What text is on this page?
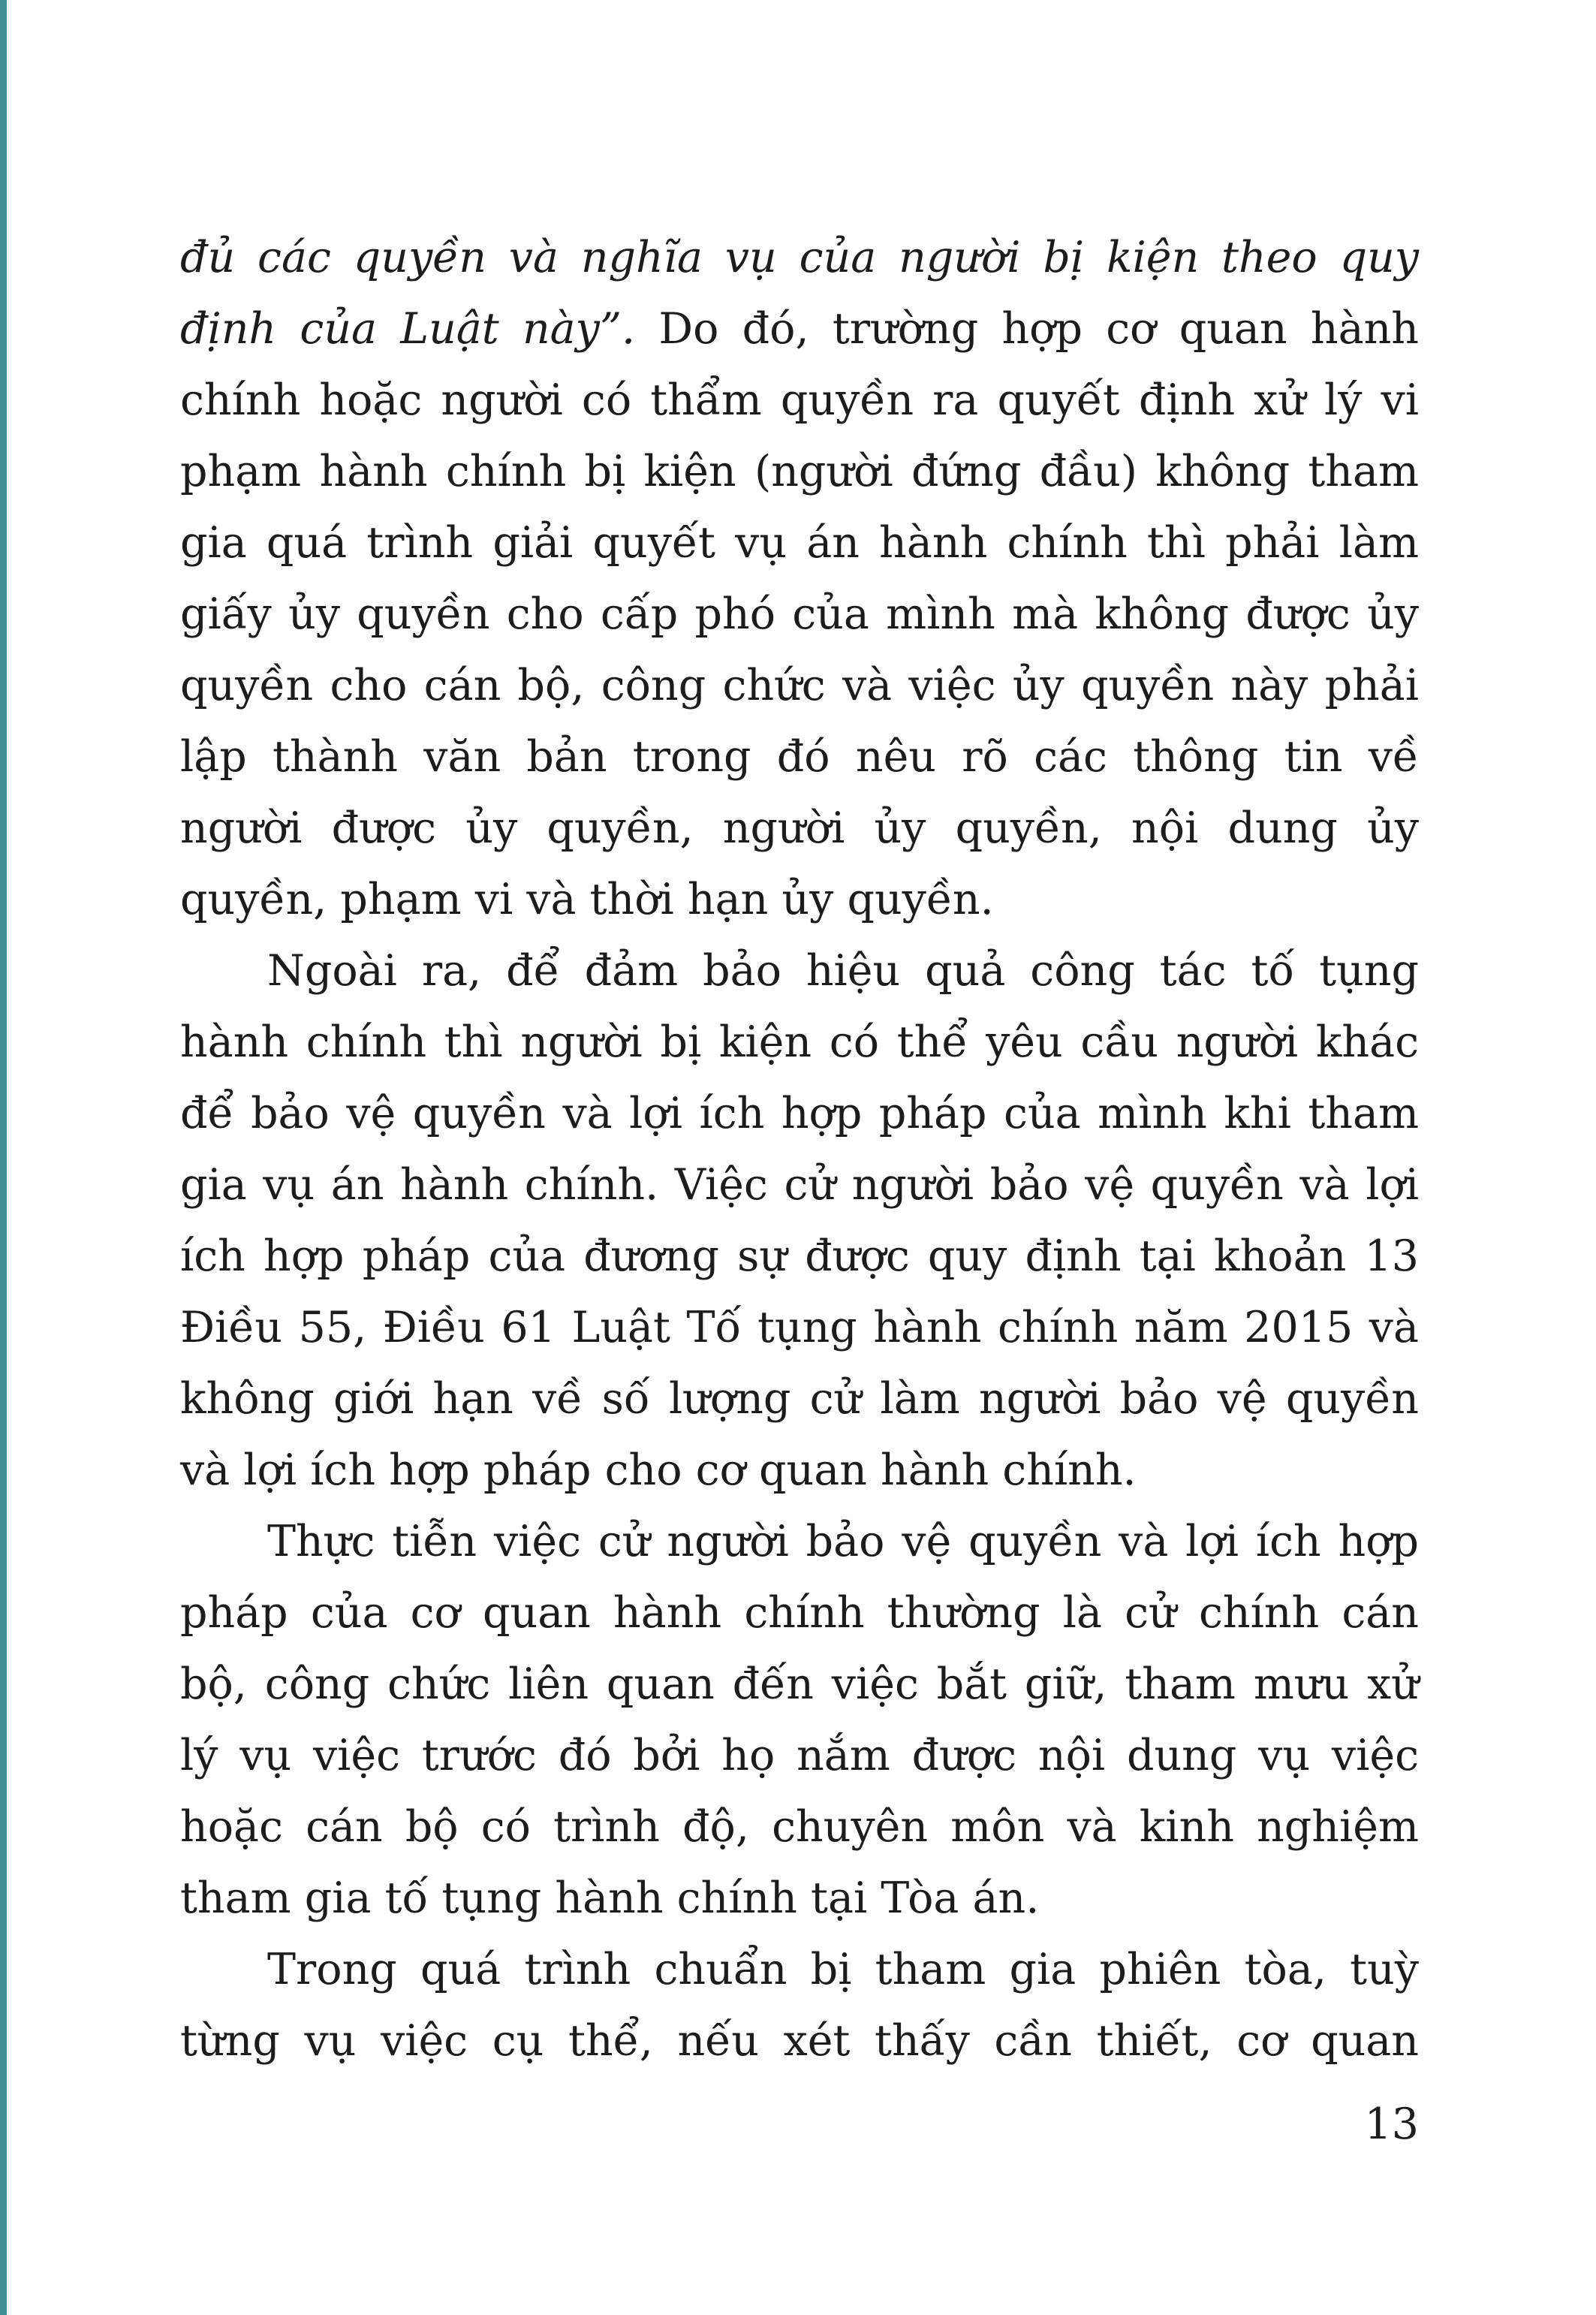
đủ các quyền và nghĩa vụ của người bị kiện theo quy
định của Luật này”. Do đó, trường hợp cơ quan hành
chính hoặc người có thẩm quyền ra quyết định xử lý vi
phạm hành chính bị kiện (người đứng đầu) không tham
gia quá trình giải quyết vụ án hành chính thì phải làm
giấy ủy quyền cho cấp phó của mình mà không được ủy
quyền cho cán bộ, công chức và việc ủy quyền này phải
lập thành văn bản trong đó nêu rõ các thông tin về
người được ủy quyền, người ủy quyền, nội dung ủy
quyền, phạm vi và thời hạn ủy quyền.
Ngoài ra, để đảm bảo hiệu quả công tác tố tụng
hành chính thì người bị kiện có thể yêu cầu người khác
để bảo vệ quyền và lợi ích hợp pháp của mình khi tham
gia vụ án hành chính. Việc cử người bảo vệ quyền và lợi
ích hợp pháp của đương sự được quy định tại khoản 13
Điều 55, Điều 61 Luật Tố tụng hành chính năm 2015 và
không giới hạn về số lượng cử làm người bảo vệ quyền
và lợi ích hợp pháp cho cơ quan hành chính.
Thực tiễn việc cử người bảo vệ quyền và lợi ích hợp
pháp của cơ quan hành chính thường là cử chính cán
bộ, công chức liên quan đến việc bắt giữ, tham mưu xử
lý vụ việc trước đó bởi họ nắm được nội dung vụ việc
hoặc cán bộ có trình độ, chuyên môn và kinh nghiệm
tham gia tố tụng hành chính tại Tòa án.
Trong quá trình chuẩn bị tham gia phiên tòa, tuỳ
từng vụ việc cụ thể, nếu xét thấy cần thiết, cơ quan
13
